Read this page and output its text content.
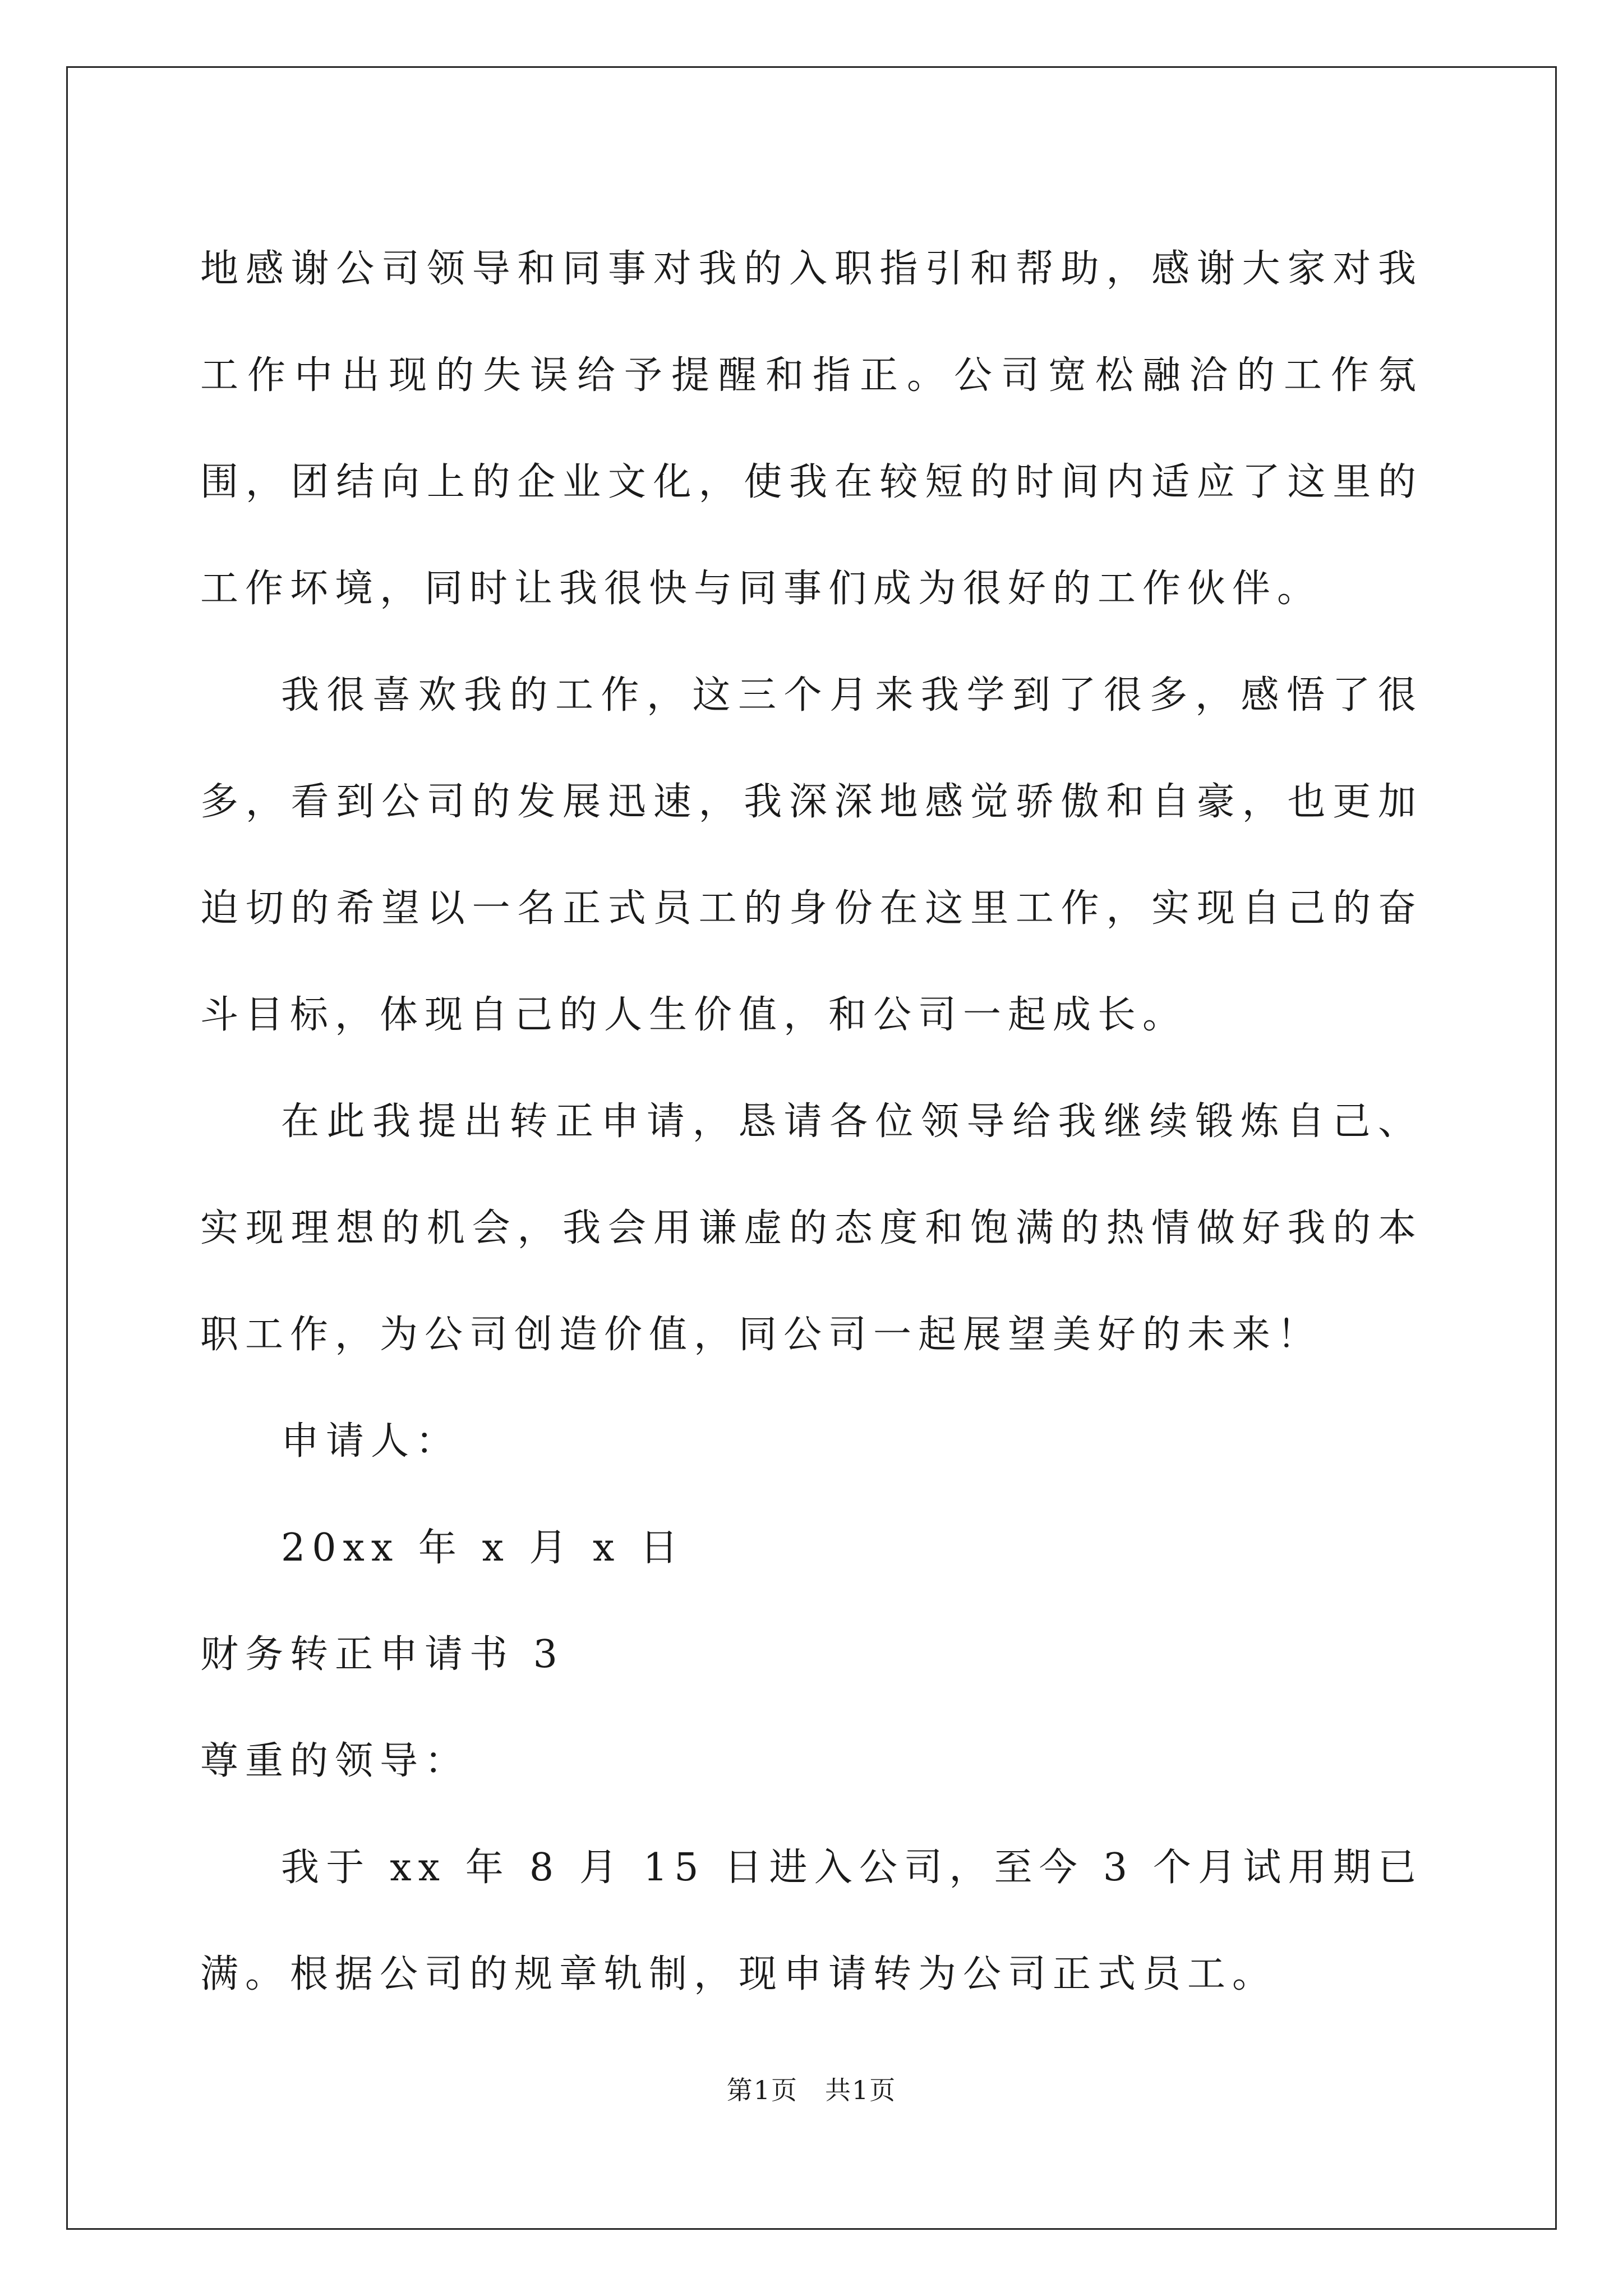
地感谢公司领导和同事对我的入职指引和帮助，感谢大家对我工作中出现的失误给予提醒和指正。公司宽松融洽的工作氛围，团结向上的企业文化，使我在较短的时间内适应了这里的工作坏境，同时让我很快与同事们成为很好的工作伙伴。

我很喜欢我的工作，这三个月来我学到了很多，感悟了很多，看到公司的发展迅速，我深深地感觉骄傲和自豪，也更加迫切的希望以一名正式员工的身份在这里工作，实现自己的奋斗目标，体现自己的人生价值，和公司一起成长。

在此我提出转正申请，恳请各位领导给我继续锻炼自己、实现理想的机会，我会用谦虚的态度和饱满的热情做好我的本职工作，为公司创造价值，同公司一起展望美好的未来！

申请人：

20xx 年 x 月 x 日

财务转正申请书 3

尊重的领导：

我于 xx 年 8 月 15 日进入公司，至今 3 个月试用期已满。根据公司的规章轨制，现申请转为公司正式员工。

第1页　共1页
